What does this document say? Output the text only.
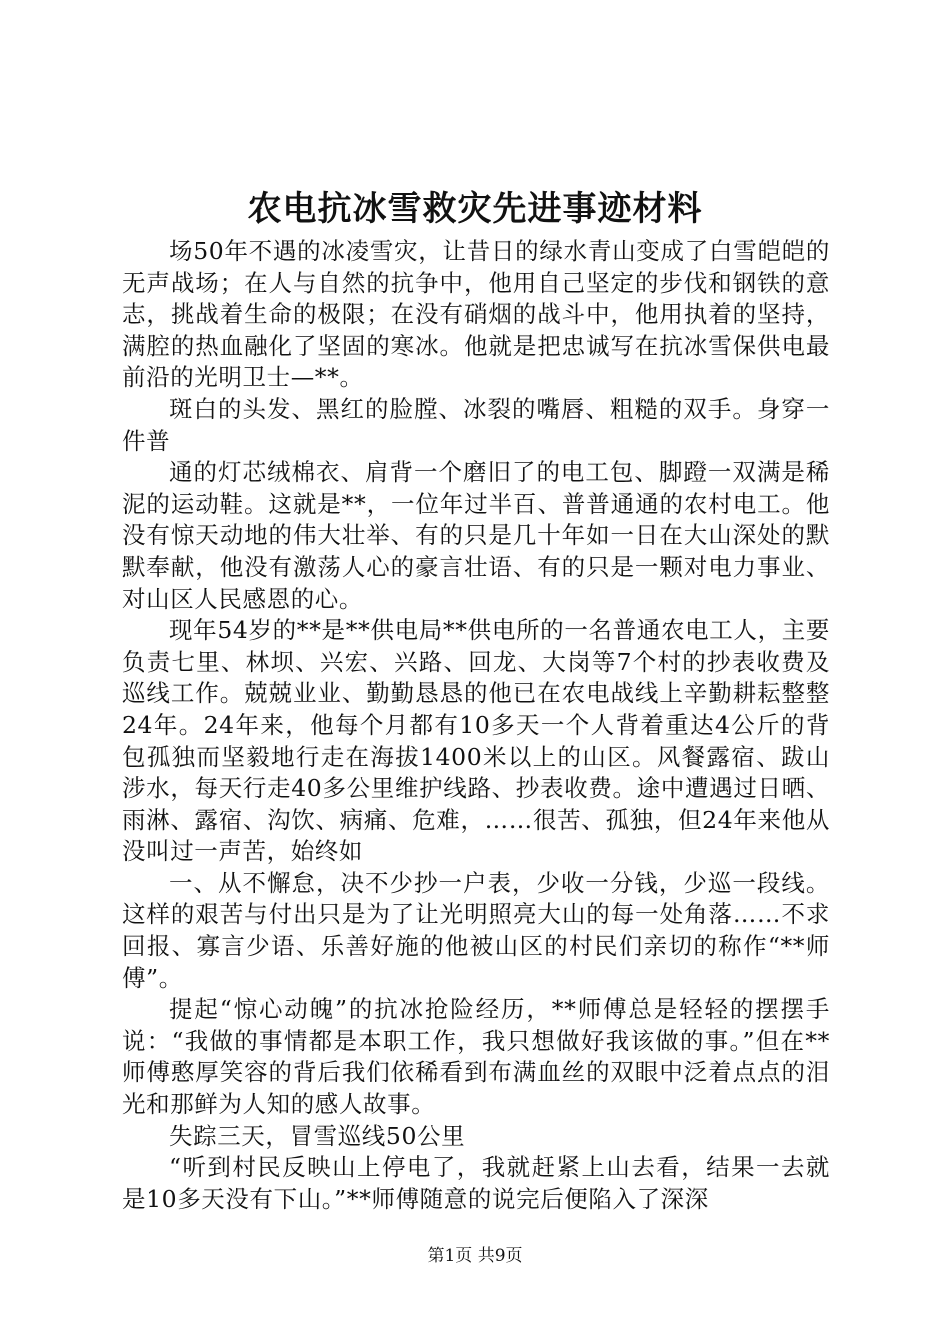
农电抗冰雪救灾先进事迹材料

场50年不遇的冰凌雪灾，让昔日的绿水青山变成了白雪皑皑的无声战场；在人与自然的抗争中，他用自己坚定的步伐和钢铁的意志，挑战着生命的极限；在没有硝烟的战斗中，他用执着的坚持，满腔的热血融化了坚固的寒冰。他就是把忠诚写在抗冰雪保供电最前沿的光明卫士—**。

斑白的头发、黑红的脸膛、冰裂的嘴唇、粗糙的双手。身穿一件普

通的灯芯绒棉衣、肩背一个磨旧了的电工包、脚蹬一双满是稀泥的运动鞋。这就是**，一位年过半百、普普通通的农村电工。他没有惊天动地的伟大壮举、有的只是几十年如一日在大山深处的默默奉献，他没有激荡人心的豪言壮语、有的只是一颗对电力事业、对山区人民感恩的心。

现年54岁的**是**供电局**供电所的一名普通农电工人，主要负责七里、林坝、兴宏、兴路、回龙、大岗等7个村的抄表收费及巡线工作。兢兢业业、勤勤恳恳的他已在农电战线上辛勤耕耘整整24年。24年来，他每个月都有10多天一个人背着重达4公斤的背包孤独而坚毅地行走在海拔1400米以上的山区。风餐露宿、跋山涉水，每天行走40多公里维护线路、抄表收费。途中遭遇过日晒、雨淋、露宿、沟饮、病痛、危难，……很苦、孤独，但24年来他从没叫过一声苦，始终如

一、从不懈怠，决不少抄一户表，少收一分钱，少巡一段线。这样的艰苦与付出只是为了让光明照亮大山的每一处角落……不求回报、寡言少语、乐善好施的他被山区的村民们亲切的称作“**师傅”。

提起“惊心动魄”的抗冰抢险经历，**师傅总是轻轻的摆摆手说：“我做的事情都是本职工作，我只想做好我该做的事。”但在**师傅憨厚笑容的背后我们依稀看到布满血丝的双眼中泛着点点的泪光和那鲜为人知的感人故事。

失踪三天，冒雪巡线50公里

“听到村民反映山上停电了，我就赶紧上山去看，结果一去就是10多天没有下山。”**师傅随意的说完后便陷入了深深

第1页 共9页
